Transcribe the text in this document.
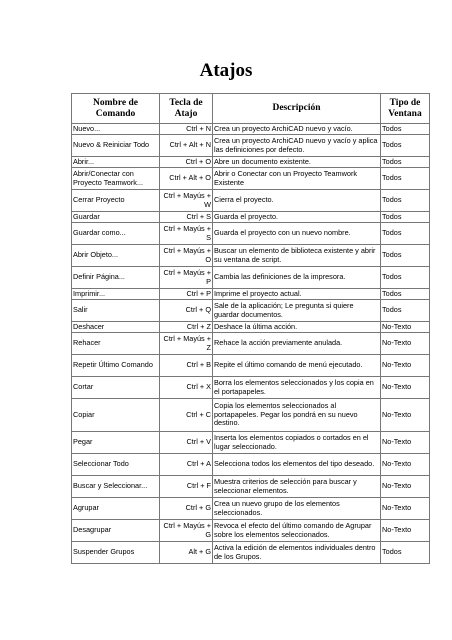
Atajos
Nombre de Comando	Tecla de Atajo	Descripción	Tipo de Ventana
Nuevo...	Ctrl + N	Crea un proyecto ArchiCAD nuevo y vacío.	Todos
Nuevo & Reiniciar Todo	Ctrl + Alt + N	Crea un proyecto ArchiCAD nuevo y vacío y aplica las definiciones por defecto.	Todos
Abrir...	Ctrl + O	Abre un documento existente.	Todos
Abrir/Conectar con Proyecto Teamwork...	Ctrl + Alt + O	Abrir o Conectar con un Proyecto Teamwork Existente	Todos
Cerrar Proyecto	Ctrl + Mayús + W	Cierra el proyecto.	Todos
Guardar	Ctrl + S	Guarda el proyecto.	Todos
Guardar como...	Ctrl + Mayús + S	Guarda el proyecto con un nuevo nombre.	Todos
Abrir Objeto...	Ctrl + Mayús + O	Buscar un elemento de biblioteca existente y abrir su ventana de script.	Todos
Definir Página...	Ctrl + Mayús + P	Cambia las definiciones de la impresora.	Todos
Imprimir...	Ctrl + P	Imprime el proyecto actual.	Todos
Salir	Ctrl + Q	Sale de la aplicación; Le pregunta si quiere guardar documentos.	Todos
Deshacer	Ctrl + Z	Deshace la última acción.	No-Texto
Rehacer	Ctrl + Mayús + Z	Rehace la acción previamente anulada.	No-Texto
Repetir Último Comando	Ctrl + B	Repite el último comando de menú ejecutado.	No-Texto
Cortar	Ctrl + X	Borra los elementos seleccionados y los copia en el portapapeles.	No-Texto
Copiar	Ctrl + C	Copia los elementos seleccionados al portapapeles. Pegar los pondrá en su nuevo destino.	No-Texto
Pegar	Ctrl + V	Inserta los elementos copiados o cortados en el lugar seleccionado.	No-Texto
Seleccionar Todo	Ctrl + A	Selecciona todos los elementos del tipo deseado.	No-Texto
Buscar y Seleccionar...	Ctrl + F	Muestra criterios de selección para buscar y seleccionar elementos.	No-Texto
Agrupar	Ctrl + G	Crea un nuevo grupo de los elementos seleccionados.	No-Texto
Desagrupar	Ctrl + Mayús + G	Revoca el efecto del último comando de Agrupar sobre los elementos seleccionados.	No-Texto
Suspender Grupos	Alt + G	Activa la edición de elementos individuales dentro de los Grupos.	Todos
